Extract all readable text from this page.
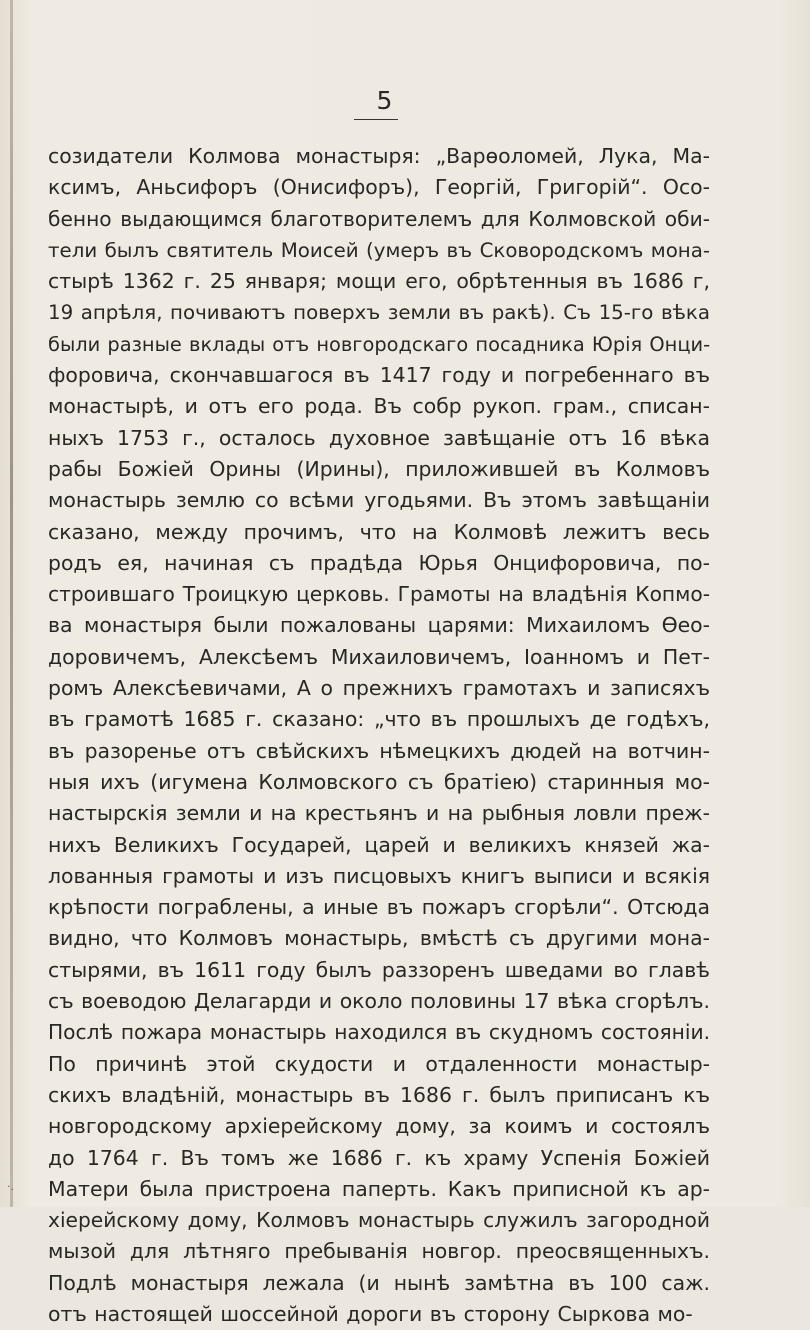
5
созидатели Колмова монастыря: „Варѳоломей, Лука, Ма-
ксимъ, Аньсифоръ (Онисифоръ), Георгій, Григорій“. Осо-
бенно выдающимся благотворителемъ для Колмовской оби-
тели былъ святитель Моисей (умеръ въ Сковородскомъ мона-
стырѣ 1362 г. 25 января; мощи его, обрѣтенныя въ 1686 г,
19 апрѣля, почиваютъ поверхъ земли въ ракѣ). Съ 15-го вѣка
были разные вклады отъ новгородскаго посадника Юрія Онци-
форовича, скончавшагося въ 1417 году и погребеннаго въ
монастырѣ, и отъ его рода. Въ собр рукоп. грам., списан-
ныхъ 1753 г., осталось духовное завѣщаніе отъ 16 вѣка
рабы Божіей Орины (Ирины), приложившей въ Колмовъ
монастырь землю со всѣми угодьями. Въ этомъ завѣщаніи
сказано, между прочимъ, что на Колмовѣ лежитъ весь
родъ ея, начиная съ прадѣда Юрья Онцифоровича, по-
строившаго Троицкую церковь. Грамоты на владѣнія Копмо-
ва монастыря были пожалованы царями: Михаиломъ Ѳео-
доровичемъ, Алексѣемъ Михаиловичемъ, Іоанномъ и Пет-
ромъ Алексѣевичами, А о прежнихъ грамотахъ и записяхъ
въ грамотѣ 1685 г. сказано: „что въ прошлыхъ де годѣхъ,
въ разоренье отъ свѣйскихъ нѣмецкихъ дюдей на вотчин-
ныя ихъ (игумена Колмовского съ братіею) старинныя мо-
настырскія земли и на крестьянъ и на рыбныя ловли преж-
нихъ Великихъ Государей, царей и великихъ князей жа-
лованныя грамоты и изъ писцовыхъ книгъ выписи и всякія
крѣпости пограблены, а иные въ пожаръ сгорѣли“. Отсюда
видно, что Колмовъ монастырь, вмѣстѣ съ другими мона-
стырями, въ 1611 году былъ раззоренъ шведами во главѣ
съ воеводою Делагарди и около половины 17 вѣка сгорѣлъ.
Послѣ пожара монастырь находился въ скудномъ состояніи.
По причинѣ этой скудости и отдаленности монастыр-
скихъ владѣній, монастырь въ 1686 г. былъ приписанъ къ
новгородскому архіерейскому дому, за коимъ и состоялъ
до 1764 г. Въ томъ же 1686 г. къ храму Успенія Божіей
Матери была пристроена паперть. Какъ приписной къ ар-
хіерейскому дому, Колмовъ монастырь служилъ загородной
мызой для лѣтняго пребыванія новгор. преосвященныхъ.
Подлѣ монастыря лежала (и нынѣ замѣтна въ 100 саж.
отъ настоящей шоссейной дороги въ сторону Сыркова мо-
·.
